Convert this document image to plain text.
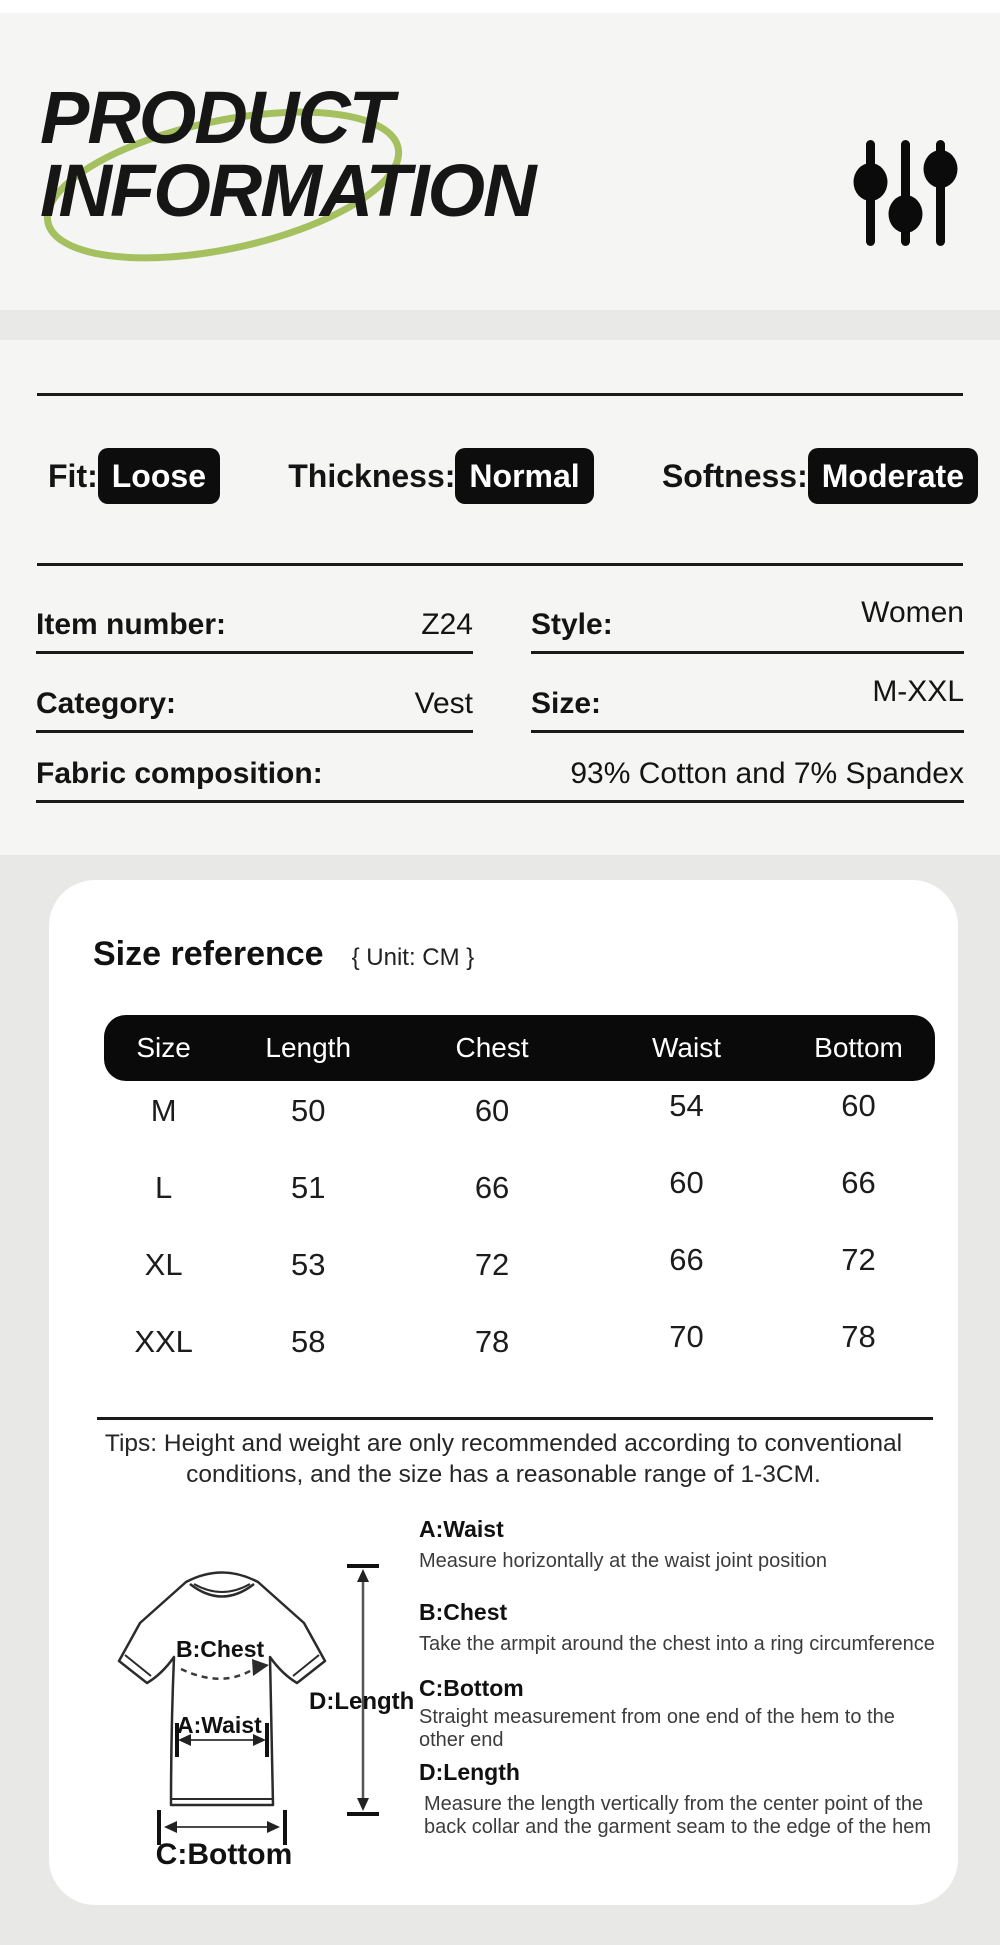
PRODUCT
INFORMATION
Fit: Loose	Thickness: Normal	Softness: Moderate
Item number:	Z24 Style:	Women
Category:	Vest Size:	M-XXL
Fabric composition:	93% Cotton and 7% Spandex
Size reference { Unit: CM }
Size	Length	Chest	Waist	Bottom
M	50	60	54	60
L	51	66	60	66
XL	53	72	66	72
XXL	58	78	70	78
Tips: Height and weight are only recommended according to conventional
conditions, and the size has a reasonable range of 1-3CM.
B:Chest
A:Waist
D:Length
C:Bottom
A:Waist

Measure horizontally at the waist joint position

B:Chest

Take the armpit around the chest into a ring circumference

C:Bottom

Straight measurement from one end of the hem to the other end

D:Length

Measure the length vertically from the center point of the back collar and the garment seam to the edge of the hem
